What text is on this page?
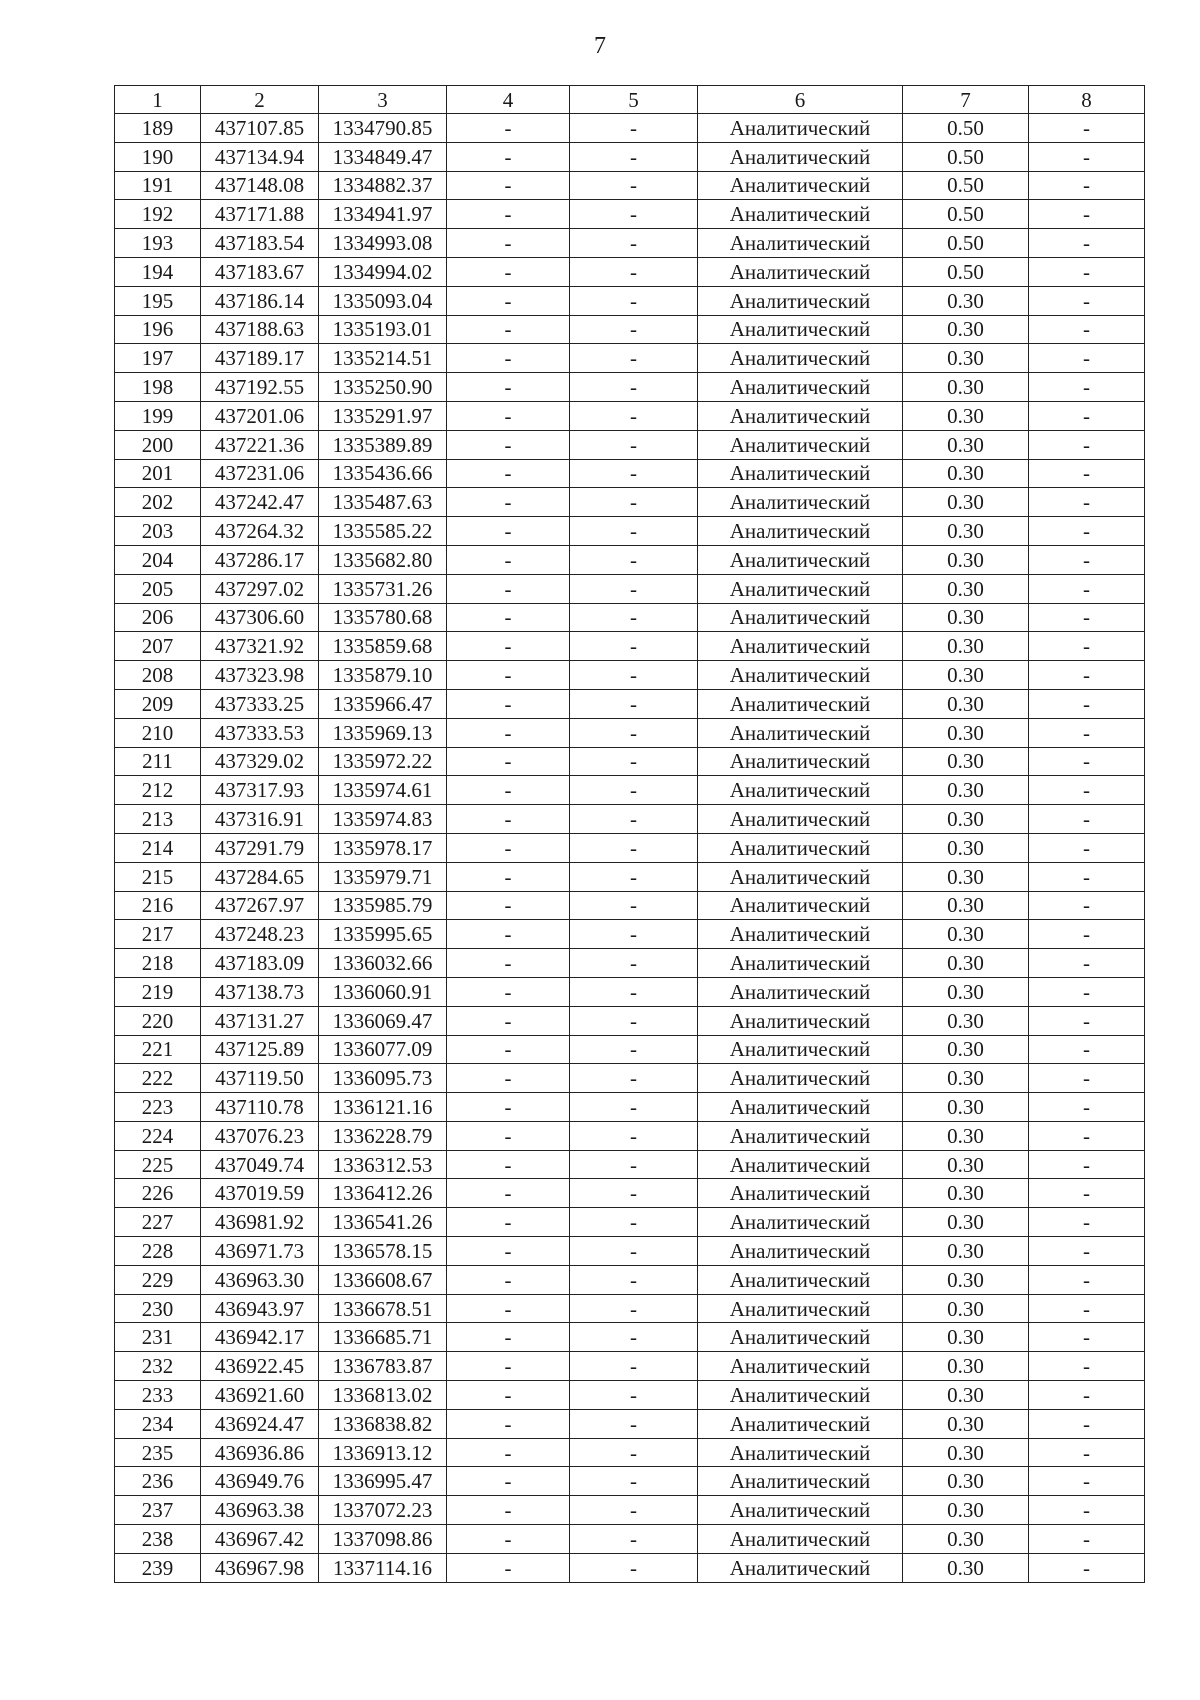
7
1	2	3	4	5	6	7	8
189	437107.85	1334790.85	-	-	Аналитический	0.50	-
190	437134.94	1334849.47	-	-	Аналитический	0.50	-
191	437148.08	1334882.37	-	-	Аналитический	0.50	-
192	437171.88	1334941.97	-	-	Аналитический	0.50	-
193	437183.54	1334993.08	-	-	Аналитический	0.50	-
194	437183.67	1334994.02	-	-	Аналитический	0.50	-
195	437186.14	1335093.04	-	-	Аналитический	0.30	-
196	437188.63	1335193.01	-	-	Аналитический	0.30	-
197	437189.17	1335214.51	-	-	Аналитический	0.30	-
198	437192.55	1335250.90	-	-	Аналитический	0.30	-
199	437201.06	1335291.97	-	-	Аналитический	0.30	-
200	437221.36	1335389.89	-	-	Аналитический	0.30	-
201	437231.06	1335436.66	-	-	Аналитический	0.30	-
202	437242.47	1335487.63	-	-	Аналитический	0.30	-
203	437264.32	1335585.22	-	-	Аналитический	0.30	-
204	437286.17	1335682.80	-	-	Аналитический	0.30	-
205	437297.02	1335731.26	-	-	Аналитический	0.30	-
206	437306.60	1335780.68	-	-	Аналитический	0.30	-
207	437321.92	1335859.68	-	-	Аналитический	0.30	-
208	437323.98	1335879.10	-	-	Аналитический	0.30	-
209	437333.25	1335966.47	-	-	Аналитический	0.30	-
210	437333.53	1335969.13	-	-	Аналитический	0.30	-
211	437329.02	1335972.22	-	-	Аналитический	0.30	-
212	437317.93	1335974.61	-	-	Аналитический	0.30	-
213	437316.91	1335974.83	-	-	Аналитический	0.30	-
214	437291.79	1335978.17	-	-	Аналитический	0.30	-
215	437284.65	1335979.71	-	-	Аналитический	0.30	-
216	437267.97	1335985.79	-	-	Аналитический	0.30	-
217	437248.23	1335995.65	-	-	Аналитический	0.30	-
218	437183.09	1336032.66	-	-	Аналитический	0.30	-
219	437138.73	1336060.91	-	-	Аналитический	0.30	-
220	437131.27	1336069.47	-	-	Аналитический	0.30	-
221	437125.89	1336077.09	-	-	Аналитический	0.30	-
222	437119.50	1336095.73	-	-	Аналитический	0.30	-
223	437110.78	1336121.16	-	-	Аналитический	0.30	-
224	437076.23	1336228.79	-	-	Аналитический	0.30	-
225	437049.74	1336312.53	-	-	Аналитический	0.30	-
226	437019.59	1336412.26	-	-	Аналитический	0.30	-
227	436981.92	1336541.26	-	-	Аналитический	0.30	-
228	436971.73	1336578.15	-	-	Аналитический	0.30	-
229	436963.30	1336608.67	-	-	Аналитический	0.30	-
230	436943.97	1336678.51	-	-	Аналитический	0.30	-
231	436942.17	1336685.71	-	-	Аналитический	0.30	-
232	436922.45	1336783.87	-	-	Аналитический	0.30	-
233	436921.60	1336813.02	-	-	Аналитический	0.30	-
234	436924.47	1336838.82	-	-	Аналитический	0.30	-
235	436936.86	1336913.12	-	-	Аналитический	0.30	-
236	436949.76	1336995.47	-	-	Аналитический	0.30	-
237	436963.38	1337072.23	-	-	Аналитический	0.30	-
238	436967.42	1337098.86	-	-	Аналитический	0.30	-
239	436967.98	1337114.16	-	-	Аналитический	0.30	-
